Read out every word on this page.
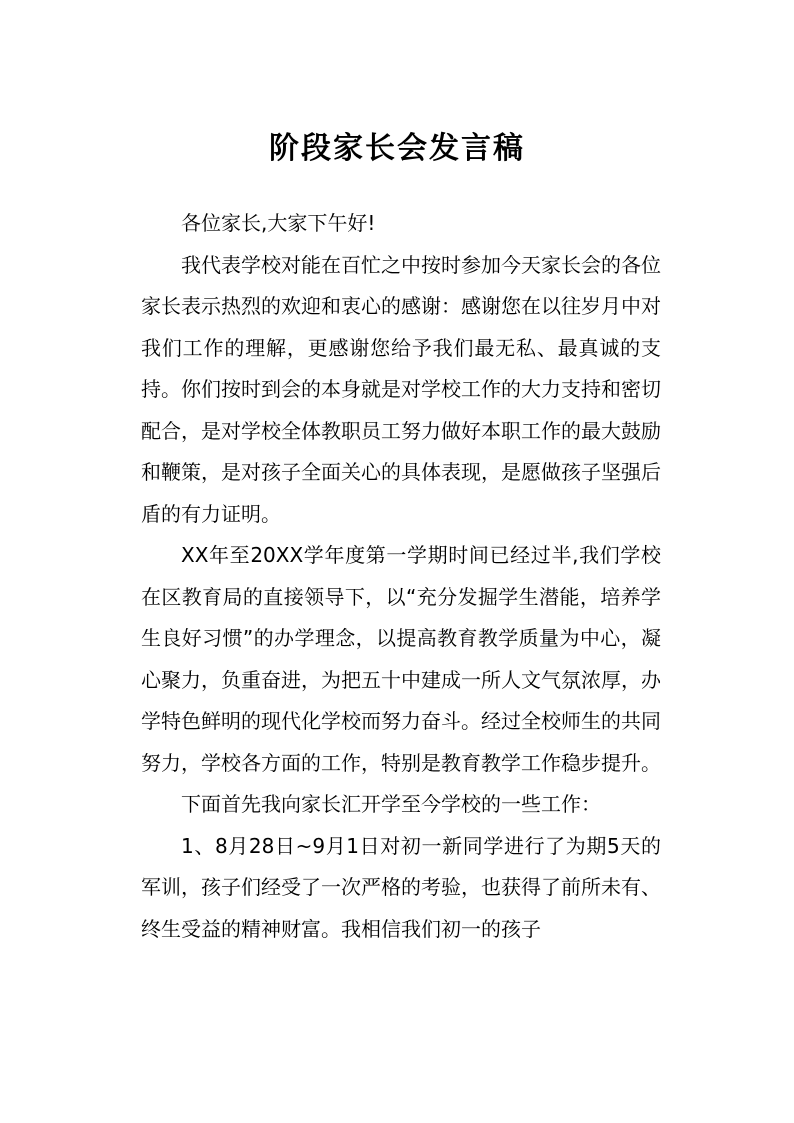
阶段家长会发言稿

各位家长,大家下午好!

我代表学校对能在百忙之中按时参加今天家长会的各位家长表示热烈的欢迎和衷心的感谢：感谢您在以往岁月中对我们工作的理解，更感谢您给予我们最无私、最真诚的支持。你们按时到会的本身就是对学校工作的大力支持和密切配合，是对学校全体教职员工努力做好本职工作的最大鼓励和鞭策，是对孩子全面关心的具体表现，是愿做孩子坚强后盾的有力证明。

XX年至20XX学年度第一学期时间已经过半,我们学校在区教育局的直接领导下，以“充分发掘学生潜能，培养学生良好习惯”的办学理念，以提高教育教学质量为中心，凝心聚力，负重奋进，为把五十中建成一所人文气氛浓厚，办学特色鲜明的现代化学校而努力奋斗。经过全校师生的共同努力，学校各方面的工作，特别是教育教学工作稳步提升。

下面首先我向家长汇开学至今学校的一些工作：

1、8月28日~9月1日对初一新同学进行了为期5天的军训，孩子们经受了一次严格的考验，也获得了前所未有、终生受益的精神财富。我相信我们初一的孩子
